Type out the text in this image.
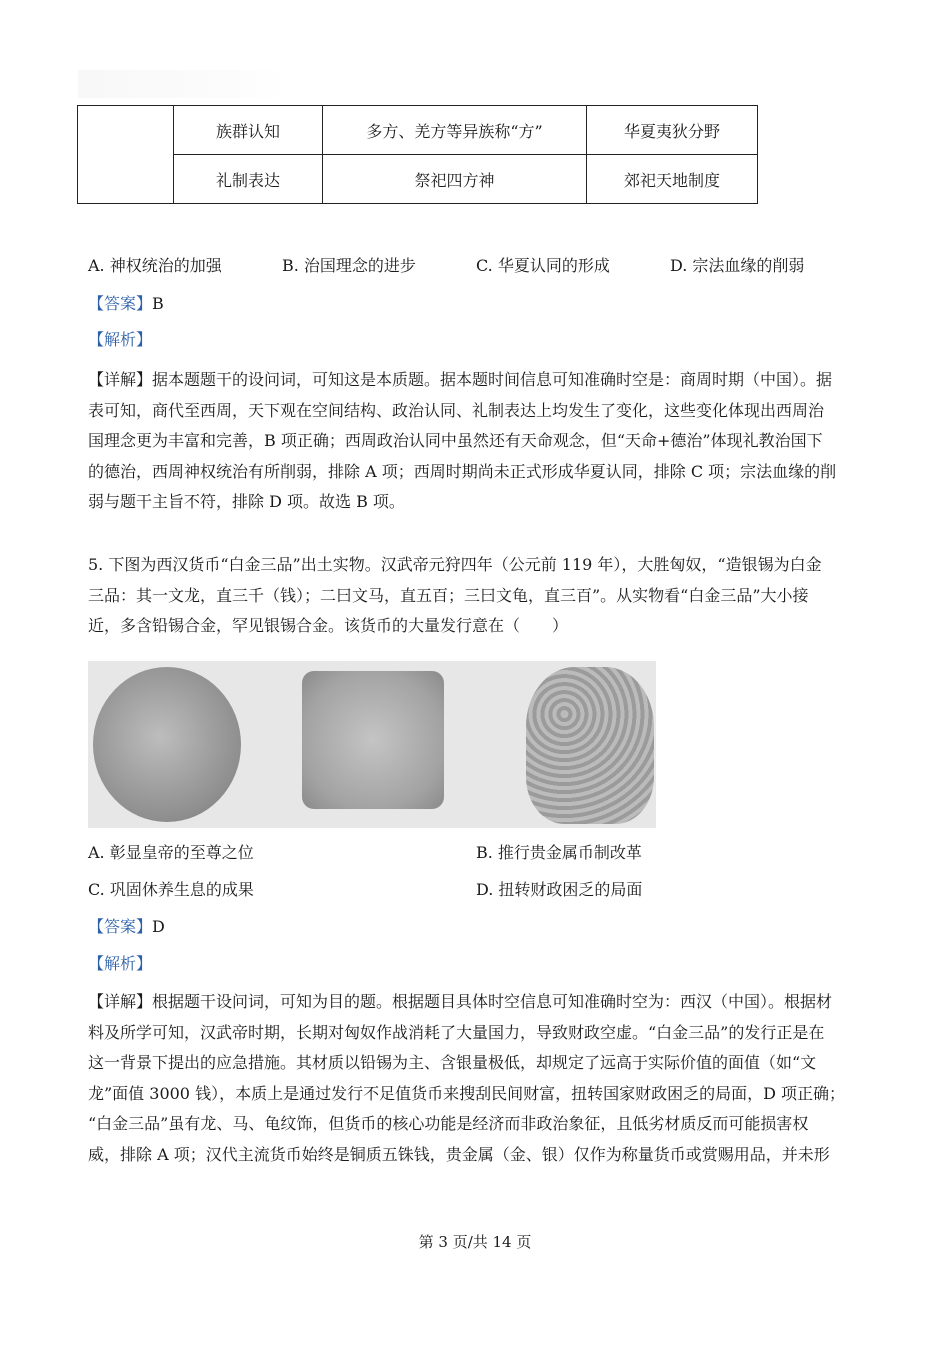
	族群认知	多方、羌方等异族称“方”	华夏夷狄分野
	礼制表达	祭祀四方神	郊祀天地制度
A. 神权统治的加强	B. 治国理念的进步	C. 华夏认同的形成	D. 宗法血缘的削弱
【答案】B
【解析】
【详解】据本题题干的设问词，可知这是本质题。据本题时间信息可知准确时空是：商周时期（中国）。据
表可知，商代至西周，天下观在空间结构、政治认同、礼制表达上均发生了变化，这些变化体现出西周治
国理念更为丰富和完善，B 项正确；西周政治认同中虽然还有天命观念，但“天命+德治”体现礼教治国下
的德治，西周神权统治有所削弱，排除 A 项；西周时期尚未正式形成华夏认同，排除 C 项；宗法血缘的削
弱与题干主旨不符，排除 D 项。故选 B 项。
5. 下图为西汉货币“白金三品”出土实物。汉武帝元狩四年（公元前 119 年），大胜匈奴，“造银锡为白金
三品：其一文龙，直三千（钱）；二曰文马，直五百；三曰文龟，直三百”。从实物看“白金三品”大小接
近，多含铅锡合金，罕见银锡合金。该货币的大量发行意在（　　）
A. 彰显皇帝的至尊之位	B. 推行贵金属币制改革
C. 巩固休养生息的成果	D. 扭转财政困乏的局面
【答案】D
【解析】
【详解】根据题干设问词，可知为目的题。根据题目具体时空信息可知准确时空为：西汉（中国）。根据材
料及所学可知，汉武帝时期，长期对匈奴作战消耗了大量国力，导致财政空虚。“白金三品”的发行正是在
这一背景下提出的应急措施。其材质以铅锡为主、含银量极低，却规定了远高于实际价值的面值（如“文
龙”面值 3000 钱），本质上是通过发行不足值货币来搜刮民间财富，扭转国家财政困乏的局面，D 项正确；
“白金三品”虽有龙、马、龟纹饰，但货币的核心功能是经济而非政治象征，且低劣材质反而可能损害权
威，排除 A 项；汉代主流货币始终是铜质五铢钱，贵金属（金、银）仅作为称量货币或赏赐用品，并未形
第 3 页/共 14 页
